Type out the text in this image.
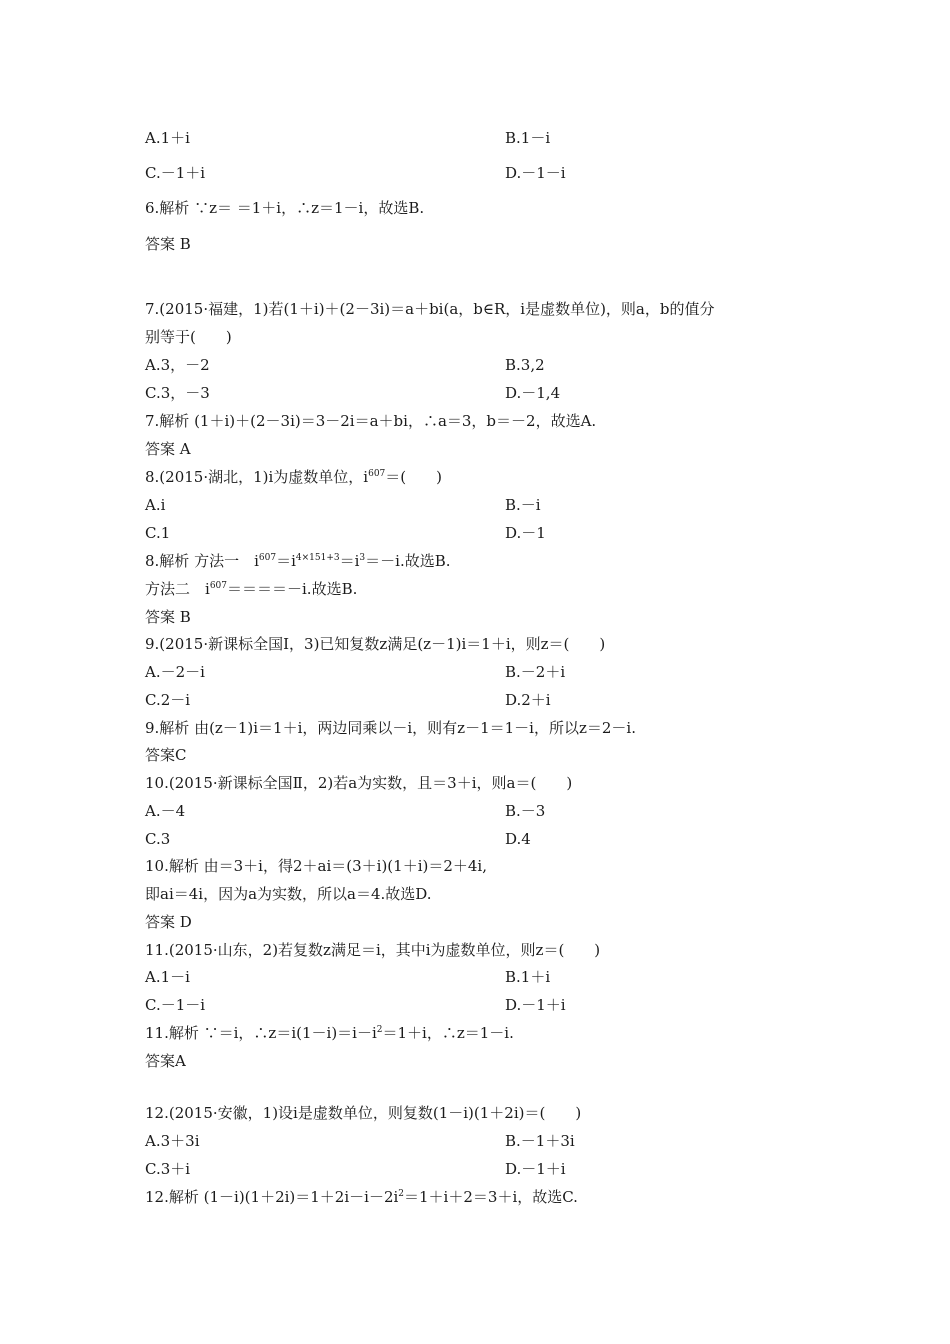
A.1＋i	B.1－i
C.－1＋i	D.－1－i
6.解析 ∵z＝ ＝1＋i，∴z＝1－i，故选B.
答案 B
7.(2015·福建，1)若(1＋i)＋(2－3i)＝a＋bi(a，b∈R，i是虚数单位)，则a，b的值分
别等于(　　)
A.3，－2	B.3,2
C.3，－3	D.－1,4
7.解析 (1＋i)＋(2－3i)＝3－2i＝a＋bi，∴a＝3，b＝－2，故选A.
答案 A
8.(2015·湖北，1)i为虚数单位，$i^{607}=$(　　)
A.i	B.－i
C.1	D.－1
8.解析 方法一　$i^{607}=i^{4\times 151+3}=i^3=-i$.故选B.
方法二　$i^{607}====-i$.故选B.
答案 B
9.(2015·新课标全国Ⅰ，3)已知复数z满足(z－1)i＝1＋i，则z＝(　　)
A.－2－i	B.－2＋i
C.2－i	D.2＋i
9.解析 由(z－1)i＝1＋i，两边同乘以－i，则有z－1＝1－i，所以z＝2－i.
答案C
10.(2015·新课标全国Ⅱ，2)若a为实数，且＝3＋i，则a＝(　　)
A.－4	B.－3
C.3	D.4
10.解析 由＝3＋i，得2＋ai＝(3＋i)(1＋i)＝2＋4i,
即ai＝4i，因为a为实数，所以a＝4.故选D.
答案 D
11.(2015·山东，2)若复数z满足＝i，其中i为虚数单位，则z＝(　　)
A.1－i	B.1＋i
C.－1－i	D.－1＋i
11.解析 ∵＝i，$\therefore z=i(1-i)=i-i^2=1+i$，∴z＝1－i.
答案A
12.(2015·安徽，1)设i是虚数单位，则复数(1－i)(1＋2i)＝(　　)
A.3＋3i	B.－1＋3i
C.3＋i	D.－1＋i
12.解析 $(1-i)(1+2i)=1+2i-i-2i^2=1+i+2=3+i$，故选C.
